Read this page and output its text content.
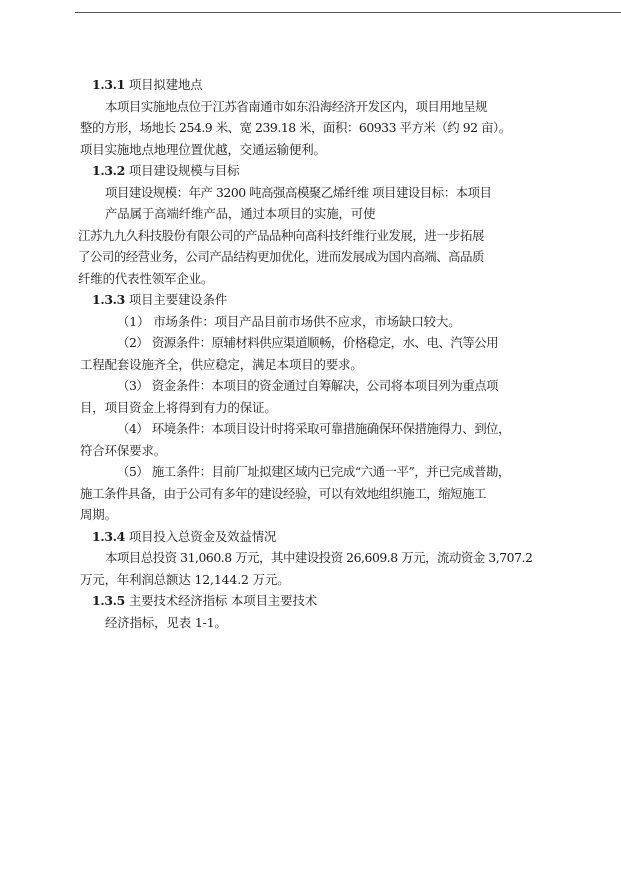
1.3.1 项目拟建地点
本项目实施地点位于江苏省南通市如东沿海经济开发区内，项目用地呈规
整的方形，场地长 254.9 米、宽 239.18 米，面积：60933 平方米（约 92 亩）。
项目实施地点地理位置优越，交通运输便利。
1.3.2 项目建设规模与目标
项目建设规模：年产 3200 吨高强高模聚乙烯纤维 项目建设目标：本项目
产品属于高端纤维产品，通过本项目的实施，可使
江苏九九久科技股份有限公司的产品品种向高科技纤维行业发展，进一步拓展
了公司的经营业务，公司产品结构更加优化，进而发展成为国内高端、高品质
纤维的代表性领军企业。
1.3.3 项目主要建设条件
（1） 市场条件：项目产品目前市场供不应求，市场缺口较大。
（2） 资源条件：原辅材料供应渠道顺畅，价格稳定，水、电、汽等公用
工程配套设施齐全，供应稳定，满足本项目的要求。
（3） 资金条件：本项目的资金通过自筹解决，公司将本项目列为重点项
目，项目资金上将得到有力的保证。
（4） 环境条件：本项目设计时将采取可靠措施确保环保措施得力、到位，
符合环保要求。
（5） 施工条件：目前厂址拟建区域内已完成“六通一平”，并已完成普勘，
施工条件具备，由于公司有多年的建设经验，可以有效地组织施工，缩短施工
周期。
1.3.4 项目投入总资金及效益情况
本项目总投资 31,060.8 万元，其中建设投资 26,609.8 万元，流动资金 3,707.2
万元，年利润总额达 12,144.2 万元。
1.3.5 主要技术经济指标 本项目主要技术
经济指标，见表 1-1。
